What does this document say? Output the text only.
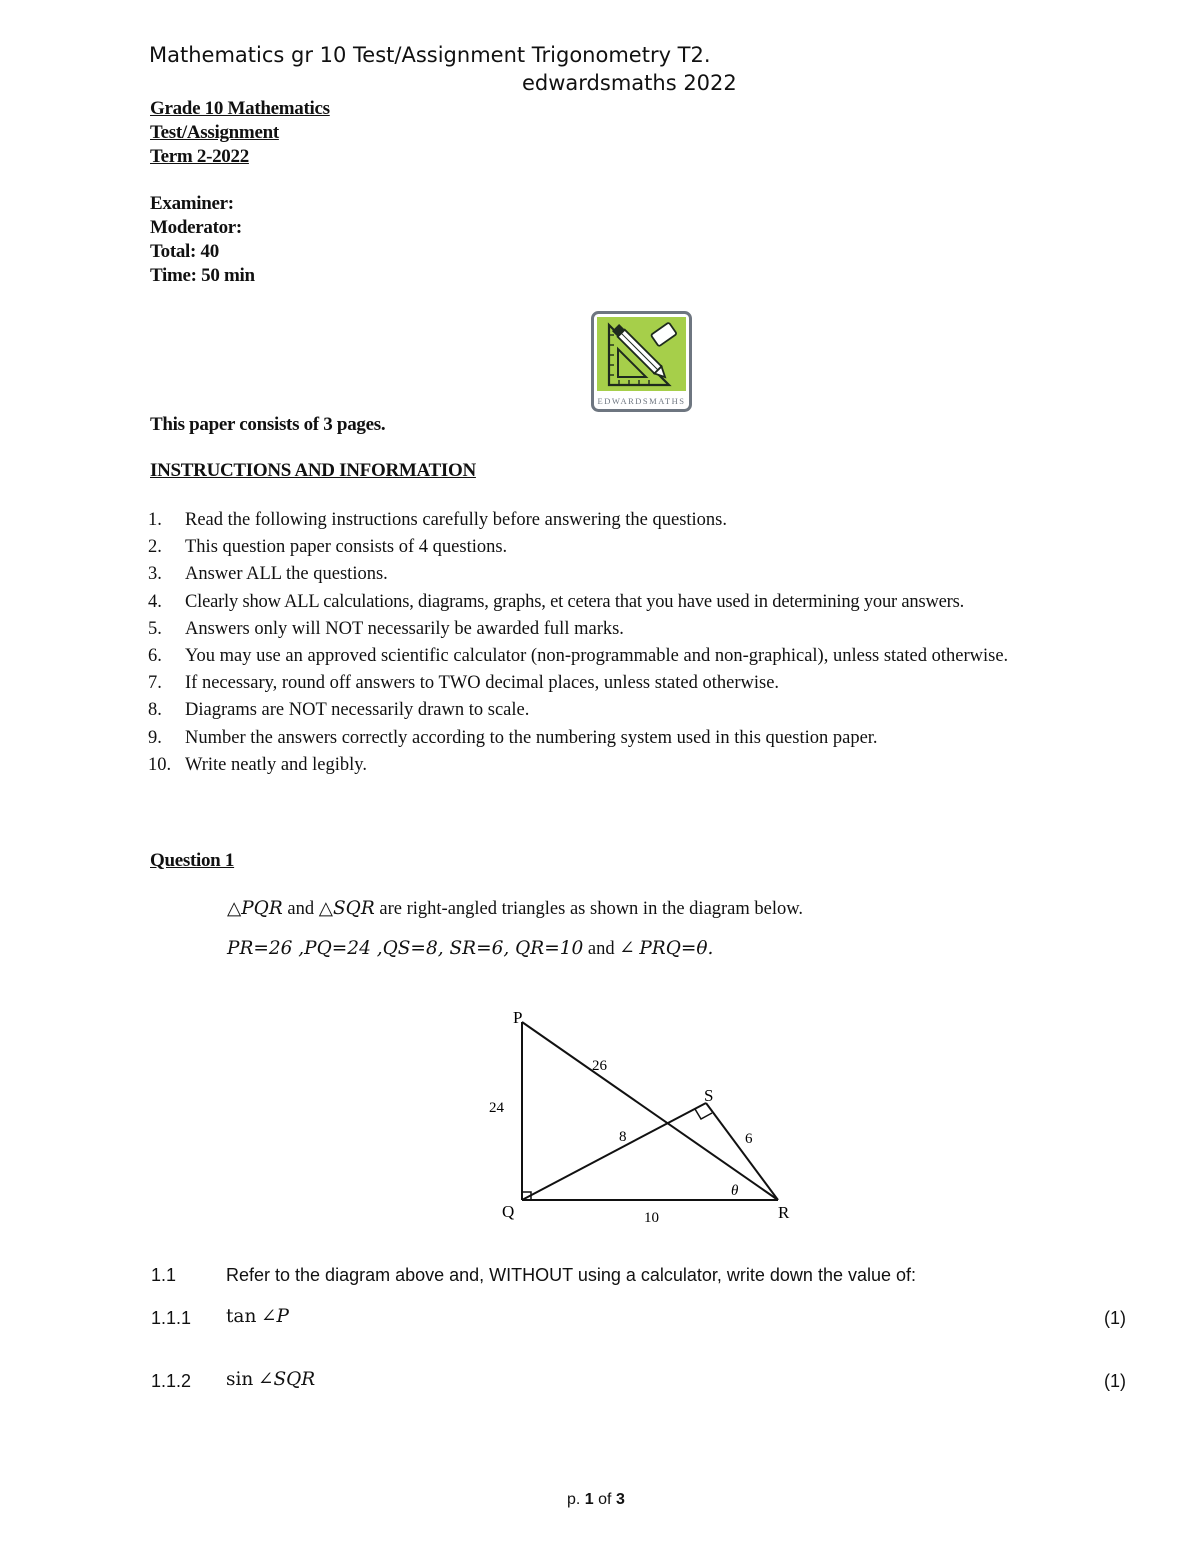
Mathematics gr 10 Test/Assignment Trigonometry T2.
edwardsmaths 2022
Grade 10 Mathematics
Test/Assignment
Term 2-2022
Examiner:
Moderator:
Total: 40
Time: 50 min
EDWARDSMATHS
This paper consists of 3 pages.
INSTRUCTIONS AND INFORMATION
1.	Read the following instructions carefully before answering the questions.
2.	This question paper consists of 4 questions.
3.	Answer ALL the questions.
4.	Clearly show ALL calculations, diagrams, graphs, et cetera that you have used in determining your answers.
5.	Answers only will NOT necessarily be awarded full marks.
6.	You may use an approved scientific calculator (non-programmable and non-graphical), unless stated otherwise.
7.	If necessary, round off answers to TWO decimal places, unless stated otherwise.
8.	Diagrams are NOT necessarily drawn to scale.
9.	Number the answers correctly according to the numbering system used in this question paper.
10. Write neatly and legibly.
Question 1
△PQR and △SQR are right-angled triangles as shown in the diagram below.
PR=26 ,PQ=24 ,QS=8, SR=6, QR=10 and ∠ PRQ=θ.
P
Q	R
S
26
24
8	6
10
θ
1.1	Refer to the diagram above and, WITHOUT using a calculator, write down the value of:
1.1.1 tan ∠P	(1)
1.1.2 sin ∠SQR	(1)
p. 1 of 3
